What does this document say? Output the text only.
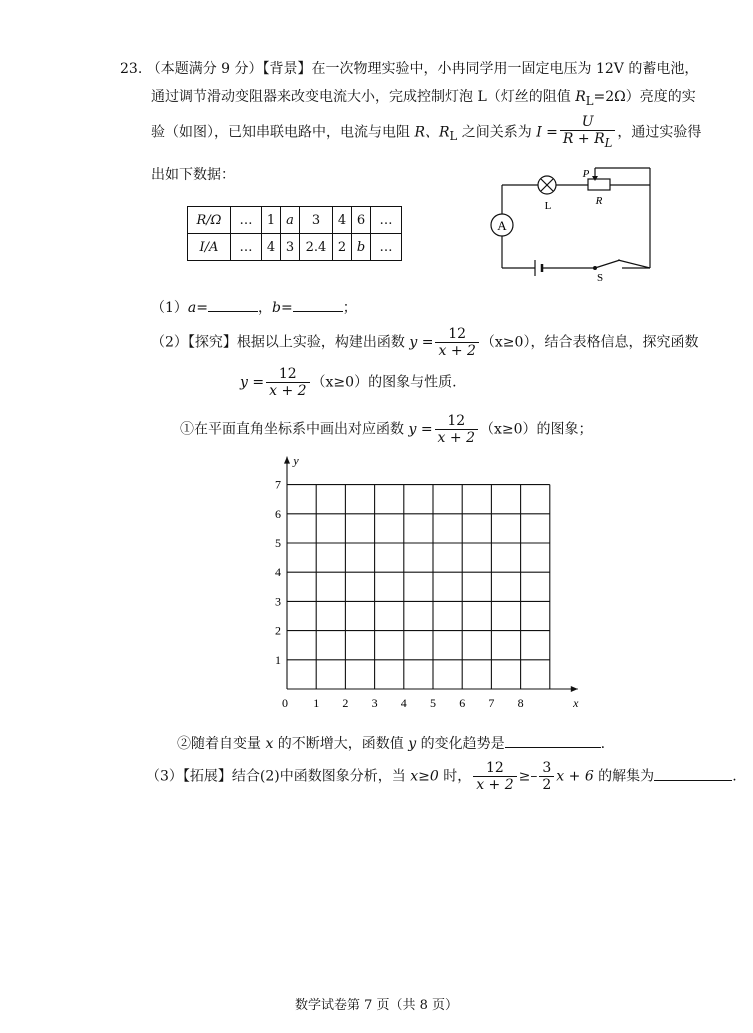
23. （本题满分 9 分）【背景】在一次物理实验中，小冉同学用一固定电压为 12V 的蓄电池，
通过调节滑动变阻器来改变电流大小，完成控制灯泡 L（灯丝的阻值 $R_L=2\Omega$）亮度的实
验（如图），已知串联电路中，电流与电阻 R、$R_L$ 之间关系为 $I = \frac{U}{R + R_L}$ ，通过实验得
出如下数据：
R/Ω	…	1	a	3	4	6	…
I/A	…	4	3	2.4	2	b	…
A
L
P
R
S
（1）a=	，b=	；
（2）【探究】根据以上实验，构建出函数 $y = \frac{12}{x + 2} (x\ge 0)$，结合表格信息，探究函数
$y = \frac{12}{x + 2} (x\ge 0)$的图象与性质.
①在平面直角坐标系中画出对应函数 $y = \frac{12}{x + 2} (x\ge 0)$的图象；
0 1 2 3 4 5 6 7 8
1
2
3
4
5
6
7
x
y
②随着自变量 x 的不断增大，函数值 y 的变化趋势是	.
（3）【拓展】结合(2)中函数图象分析，当 x≥0 时， $\frac{12}{x + 2} \ge- \frac{3}{2}$ x + 6 的解集为	.
数学试卷第 7 页（共 8 页）
